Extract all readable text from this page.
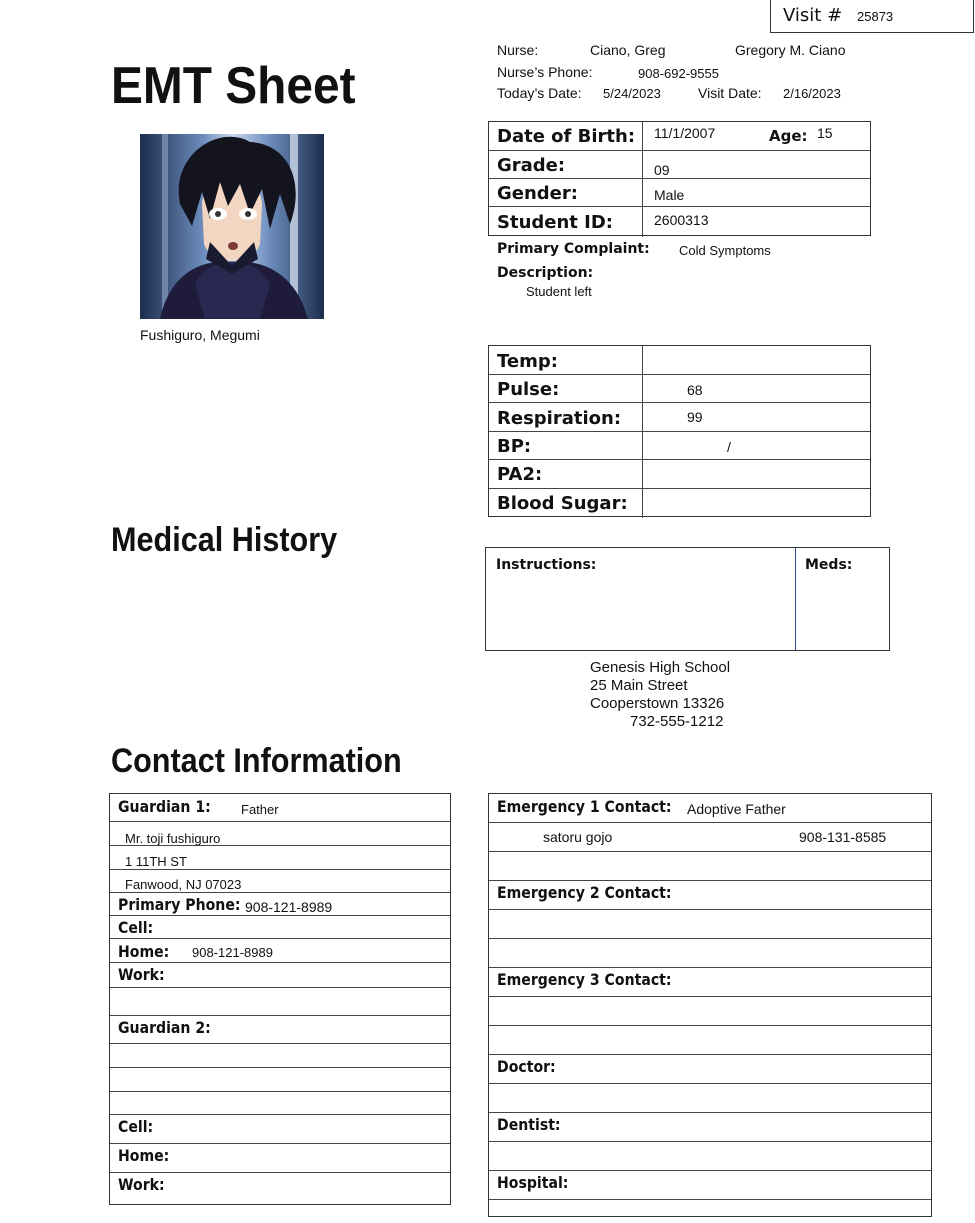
Visit # 25873
EMT Sheet
Nurse:	Ciano, Greg	Gregory M. Ciano
Nurse’s Phone:	908-692-9555
Today’s Date: 5/24/2023	Visit Date: 2/16/2023
Fushiguro, Megumi
Date of Birth: 11/1/2007	Age: 15
Grade:	09
Gender:	Male
Student ID:	2600313
Primary Complaint: Cold Symptoms
Description:
Student left
Temp:
Pulse:	68
Respiration:	99
BP:	/
PA2:
Blood Sugar:
Medical History
Instructions:	Meds:
Genesis High School
25 Main Street
Cooperstown 13326
732-555-1212
Contact Information
Guardian 1: Father
Mr. toji fushiguro
1 11TH ST
Fanwood, NJ 07023
Primary Phone: 908-121-8989
Cell:
Home: 908-121-8989
Work:
Guardian 2:
Cell:
Home:
Work:
Emergency 1 Contact: Adoptive Father
satoru gojo	908-131-8585
Emergency 2 Contact:
Emergency 3 Contact:
Doctor:
Dentist:
Hospital:
